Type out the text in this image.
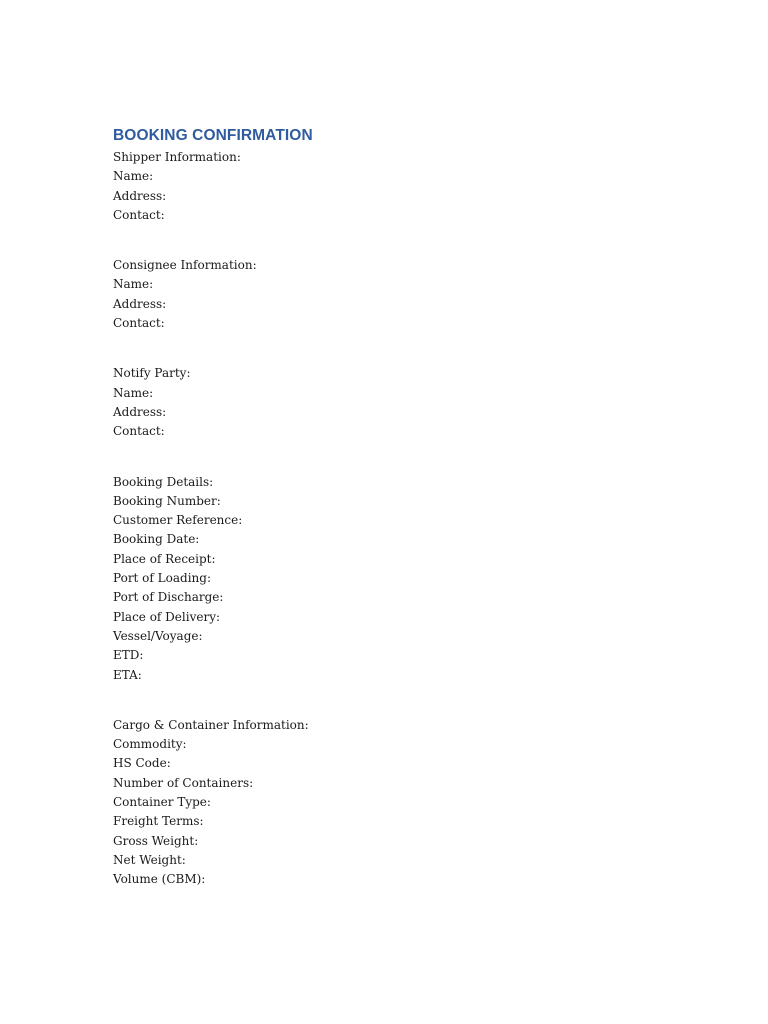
BOOKING CONFIRMATION
Shipper Information:
Name:
Address:
Contact:
Consignee Information:
Name:
Address:
Contact:
Notify Party:
Name:
Address:
Contact:
Booking Details:
Booking Number:
Customer Reference:
Booking Date:
Place of Receipt:
Port of Loading:
Port of Discharge:
Place of Delivery:
Vessel/Voyage:
ETD:
ETA:
Cargo & Container Information:
Commodity:
HS Code:
Number of Containers:
Container Type:
Freight Terms:
Gross Weight:
Net Weight:
Volume (CBM):
